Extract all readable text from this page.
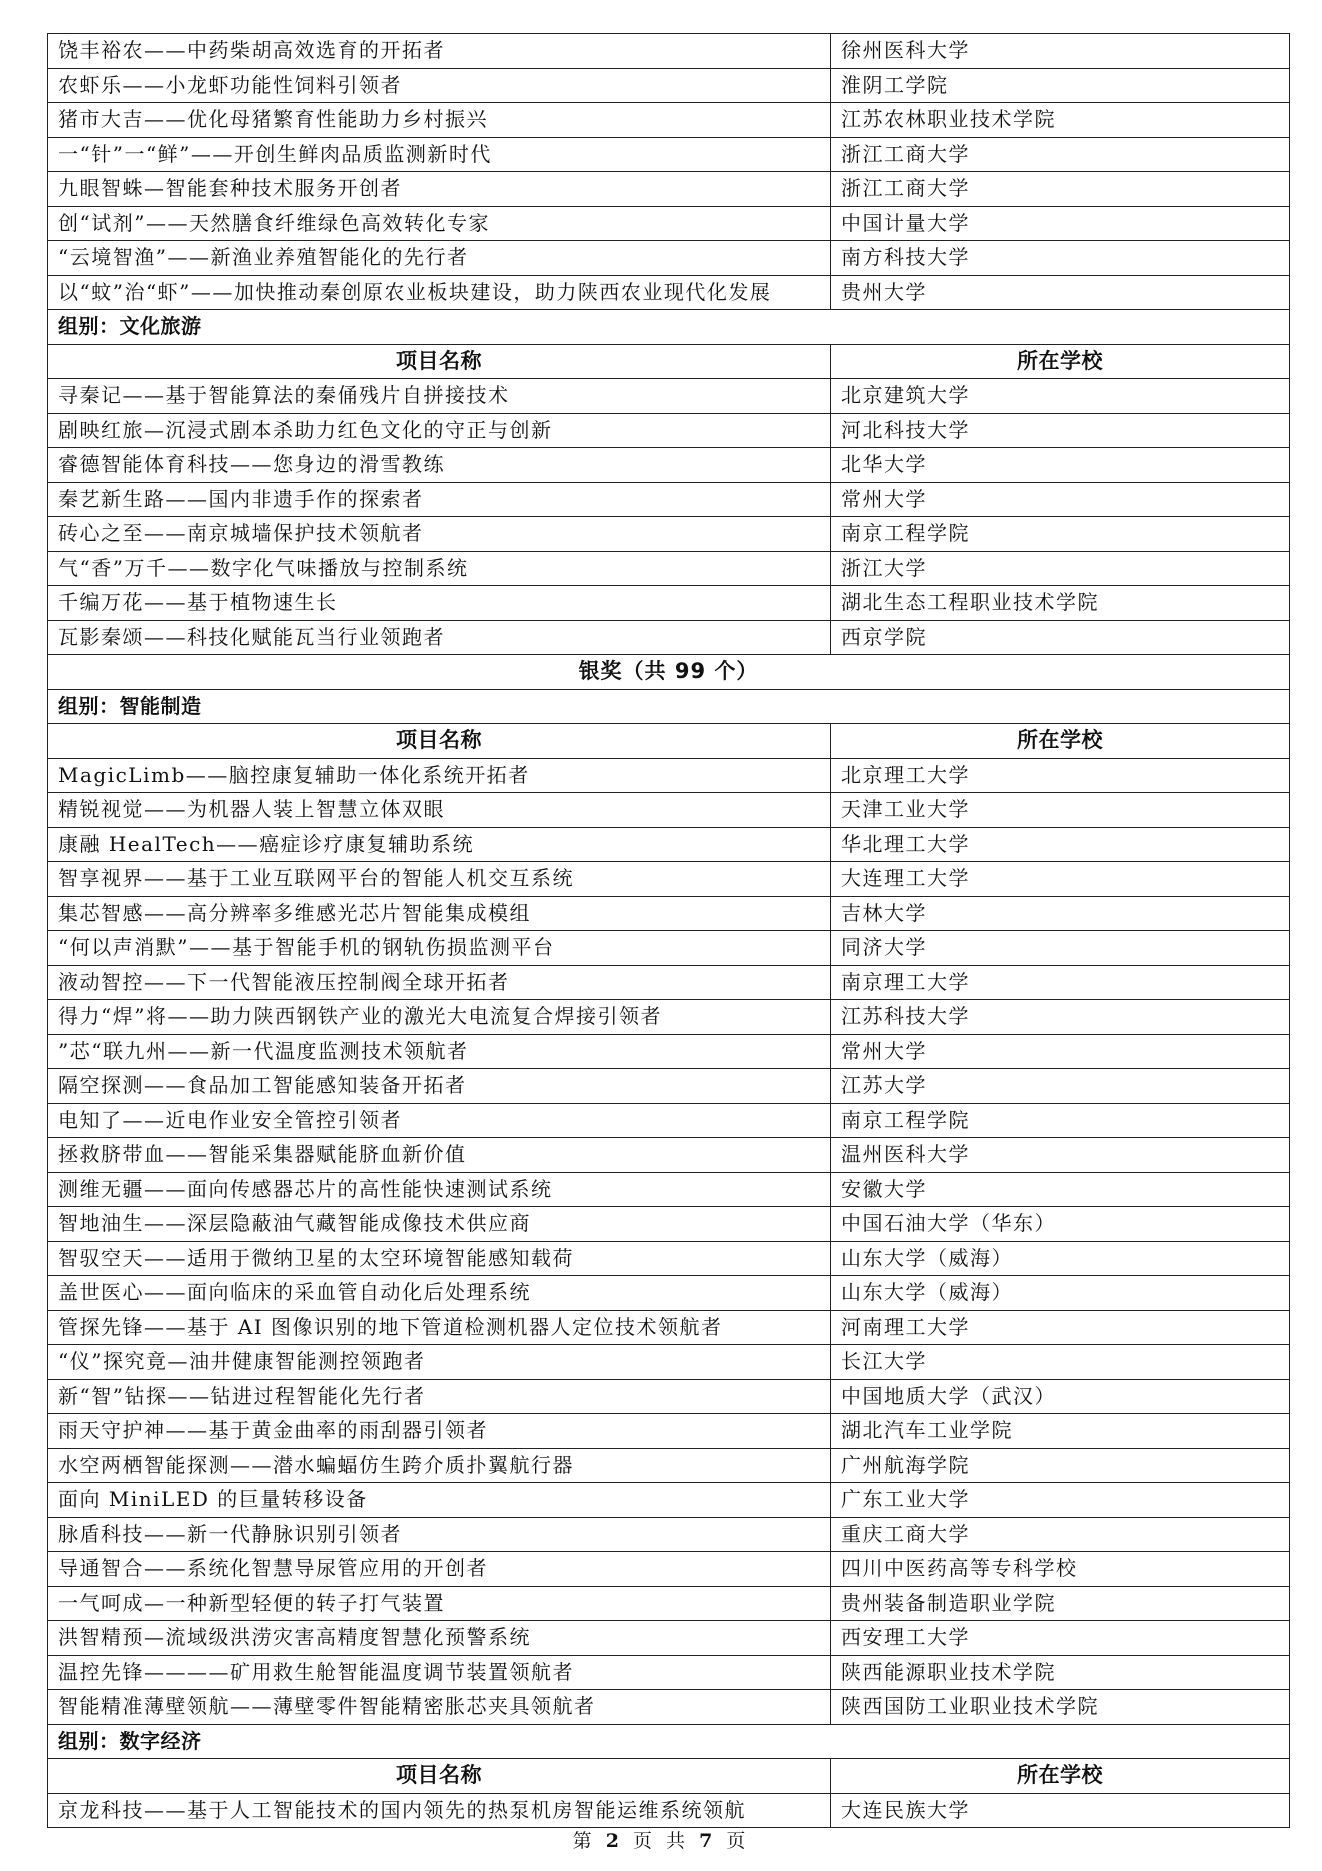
饶丰裕农——中药柴胡高效选育的开拓者	徐州医科大学
农虾乐——小龙虾功能性饲料引领者	淮阴工学院
猪市大吉——优化母猪繁育性能助力乡村振兴	江苏农林职业技术学院
一“针”一“鲜”——开创生鲜肉品质监测新时代	浙江工商大学
九眼智蛛—智能套种技术服务开创者	浙江工商大学
创“试剂”——天然膳食纤维绿色高效转化专家	中国计量大学
“云境智渔”——新渔业养殖智能化的先行者	南方科技大学
以“蚊”治“虾”——加快推动秦创原农业板块建设，助力陕西农业现代化发展	贵州大学
组别：文化旅游	
项目名称	所在学校
寻秦记——基于智能算法的秦俑残片自拼接技术	北京建筑大学
剧映红旅—沉浸式剧本杀助力红色文化的守正与创新	河北科技大学
睿德智能体育科技——您身边的滑雪教练	北华大学
秦艺新生路——国内非遗手作的探索者	常州大学
砖心之至——南京城墙保护技术领航者	南京工程学院
气“香”万千——数字化气味播放与控制系统	浙江大学
千编万花——基于植物速生长	湖北生态工程职业技术学院
瓦影秦颂——科技化赋能瓦当行业领跑者	西京学院
银奖（共 99 个）	
组别：智能制造	
项目名称	所在学校
MagicLimb——脑控康复辅助一体化系统开拓者	北京理工大学
精锐视觉——为机器人装上智慧立体双眼	天津工业大学
康融 HealTech——癌症诊疗康复辅助系统	华北理工大学
智享视界——基于工业互联网平台的智能人机交互系统	大连理工大学
集芯智感——高分辨率多维感光芯片智能集成模组	吉林大学
“何以声消默”——基于智能手机的钢轨伤损监测平台	同济大学
液动智控——下一代智能液压控制阀全球开拓者	南京理工大学
得力“焊”将——助力陕西钢铁产业的激光大电流复合焊接引领者	江苏科技大学
”芯“联九州——新一代温度监测技术领航者	常州大学
隔空探测——食品加工智能感知装备开拓者	江苏大学
电知了——近电作业安全管控引领者	南京工程学院
拯救脐带血——智能采集器赋能脐血新价值	温州医科大学
测维无疆——面向传感器芯片的高性能快速测试系统	安徽大学
智地油生——深层隐蔽油气藏智能成像技术供应商	中国石油大学（华东）
智驭空天——适用于微纳卫星的太空环境智能感知载荷	山东大学（威海）
盖世医心——面向临床的采血管自动化后处理系统	山东大学（威海）
管探先锋——基于 AI 图像识别的地下管道检测机器人定位技术领航者	河南理工大学
“仪”探究竟—油井健康智能测控领跑者	长江大学
新“智”钻探——钻进过程智能化先行者	中国地质大学（武汉）
雨天守护神——基于黄金曲率的雨刮器引领者	湖北汽车工业学院
水空两栖智能探测——潜水蝙蝠仿生跨介质扑翼航行器	广州航海学院
面向 MiniLED 的巨量转移设备	广东工业大学
脉盾科技——新一代静脉识别引领者	重庆工商大学
导通智合——系统化智慧导尿管应用的开创者	四川中医药高等专科学校
一气呵成—一种新型轻便的转子打气装置	贵州装备制造职业学院
洪智精预—流域级洪涝灾害高精度智慧化预警系统	西安理工大学
温控先锋————矿用救生舱智能温度调节装置领航者	陕西能源职业技术学院
智能精准薄壁领航——薄壁零件智能精密胀芯夹具领航者	陕西国防工业职业技术学院
组别：数字经济	
项目名称	所在学校
京龙科技——基于人工智能技术的国内领先的热泵机房智能运维系统领航	大连民族大学
第 2 页 共 7 页
